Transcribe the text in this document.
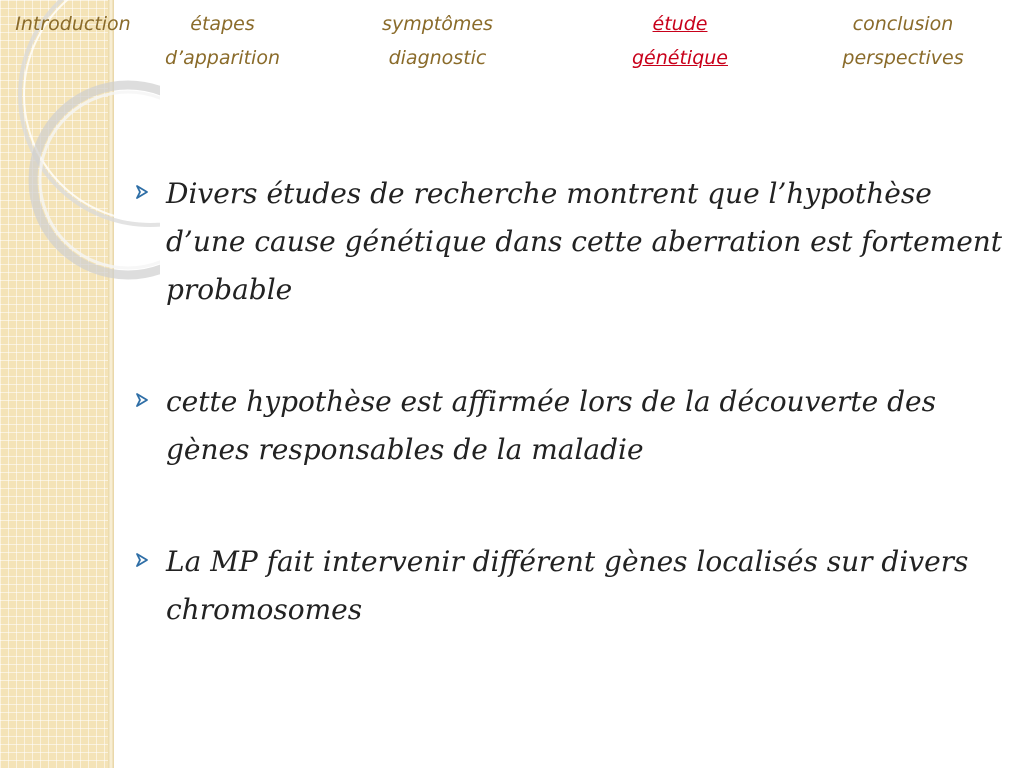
Introduction	étapes
d’apparition
symptômes
diagnostic
étude
génétique
conclusion
perspectives
Divers études de recherche montrent que l’hypothèse d’une cause génétique dans cette aberration est fortement probable
cette hypothèse est affirmée lors de la découverte des gènes responsables de la maladie
La MP fait intervenir différent gènes localisés sur divers chromosomes
